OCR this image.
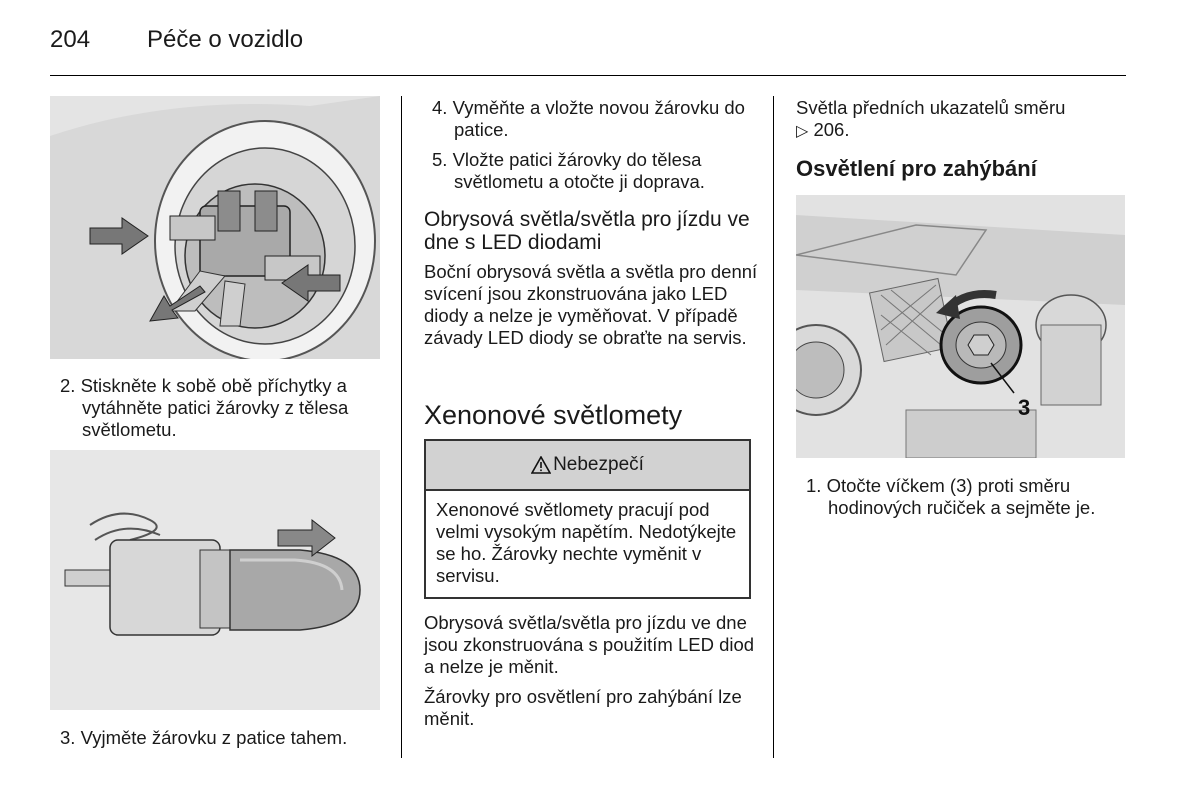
204 Péče o vozidlo

2. Stiskněte k sobě obě příchytky a vytáhněte patici žárovky z tělesa světlometu.

3. Vyjměte žárovku z patice tahem.

4. Vyměňte a vložte novou žárovku do patice.

5. Vložte patici žárovky do tělesa světlometu a otočte ji doprava.

Obrysová světla/světla pro jízdu ve dne s LED diodami

Boční obrysová světla a světla pro denní svícení jsou zkonstruována jako LED diody a nelze je vyměňovat. V případě závady LED diody se obraťte na servis.

Xenonové světlomety
Nebezpečí
Xenonové světlomety pracují pod velmi vysokým napětím. Nedotýkejte se ho. Žárovky nechte vyměnit v servisu.

Obrysová světla/světla pro jízdu ve dne jsou zkonstruována s použitím LED diod a nelze je měnit.

Žárovky pro osvětlení pro zahýbání lze měnit.

Světla předních ukazatelů směru
▷ 206.

Osvětlení pro zahýbání
3

1. Otočte víčkem (3) proti směru hodinových ručiček a sejměte je.
